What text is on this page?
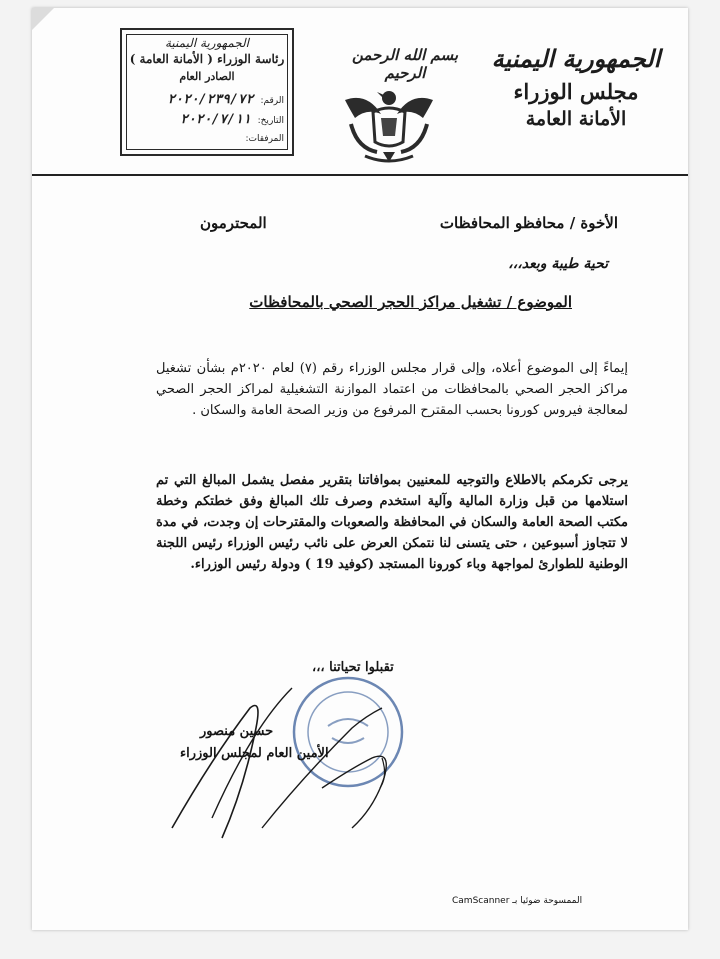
الجمهورية اليمنية
رئاسة الوزراء ( الأمانة العامة )
الصادر العام
الرقم: ٢٠٢٠/٢٣٩/٧٢
التاريخ: ٢٠٢٠/٧/١١
المرفقات:
بسم الله الرحمن الرحيم	الجمهورية اليمنية
مجلس الوزراء
الأمانة العامة
الأخوة / محافظو المحافظات
المحترمون
تحية طيبة وبعد،،،
الموضوع / تشغيل مراكز الحجر الصحي بالمحافظات
إيماءً إلى الموضوع أعلاه، وإلى قرار مجلس الوزراء رقم (٧) لعام ٢٠٢٠م بشأن تشغيل مراكز الحجر الصحي بالمحافظات من اعتماد الموازنة التشغيلية لمراكز الحجر الصحي لمعالجة فيروس كورونا بحسب المقترح المرفوع من وزير الصحة العامة والسكان .
يرجى تكرمكم بالاطلاع والتوجيه للمعنيين بموافاتنا بتقرير مفصل يشمل المبالغ التي تم استلامها من قبل وزارة المالية وآلية استخدم وصرف تلك المبالغ وفق خطتكم وخطة مكتب الصحة العامة والسكان في المحافظة والصعوبات والمقترحات إن وجدت، في مدة لا تتجاوز أسبوعين ، حتى يتسنى لنا نتمكن العرض على نائب رئيس الوزراء رئيس اللجنة الوطنية للطوارئ لمواجهة وباء كورونا المستجد (كوفيد 19 ) ودولة رئيس الوزراء.
تقبلوا تحياتنا ،،،
حسين منصور
الأمين العام لمجلس الوزراء
الممسوحة ضوئيا بـ CamScanner
